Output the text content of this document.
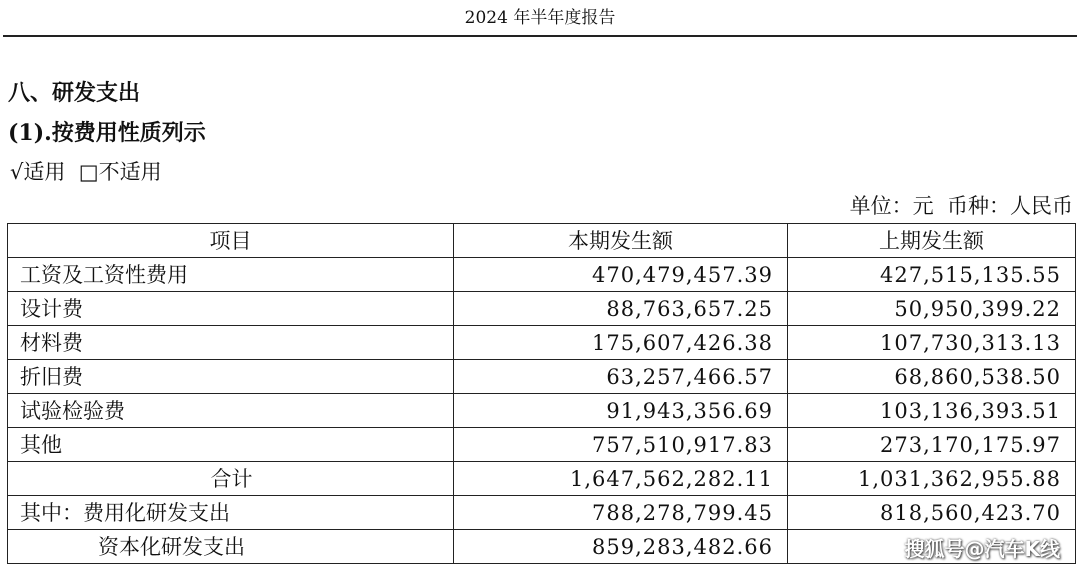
2024 年半年度报告
八、研发支出
(1).按费用性质列示
√适用 □不适用
单位：元  币种：人民币
项目	本期发生额	上期发生额
工资及工资性费用	470,479,457.39	427,515,135.55
设计费	88,763,657.25	50,950,399.22
材料费	175,607,426.38	107,730,313.13
折旧费	63,257,466.57	68,860,538.50
试验检验费	91,943,356.69	103,136,393.51
其他	757,510,917.83	273,170,175.97
合计	1,647,562,282.11	1,031,362,955.88
其中：费用化研发支出	788,278,799.45	818,560,423.70
资本化研发支出	859,283,482.66		搜狐号@汽车K线
